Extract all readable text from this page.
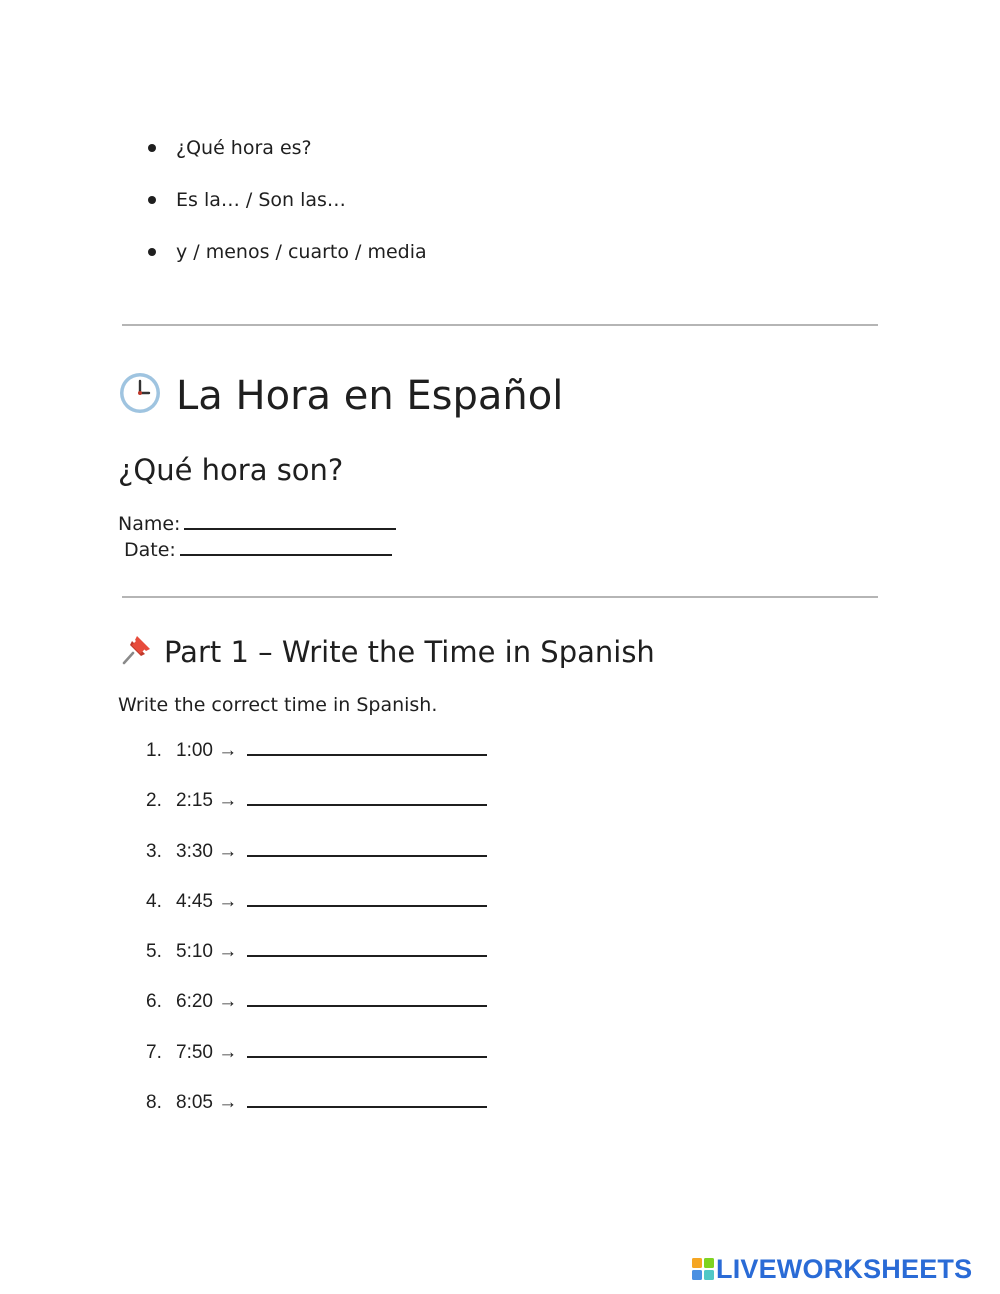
¿Qué hora es?
Es la… / Son las…
y / menos / cuarto / media
La Hora en Español
¿Qué hora son?
Name:
Date:
Part 1 – Write the Time in Spanish

Write the correct time in Spanish.

1. 1:00 →
2. 2:15 →
3. 3:30 →
4. 4:45 →
5. 5:10 →
6. 6:20 →
7. 7:50 →
8. 8:05 →
LIVEWORKSHEETS
